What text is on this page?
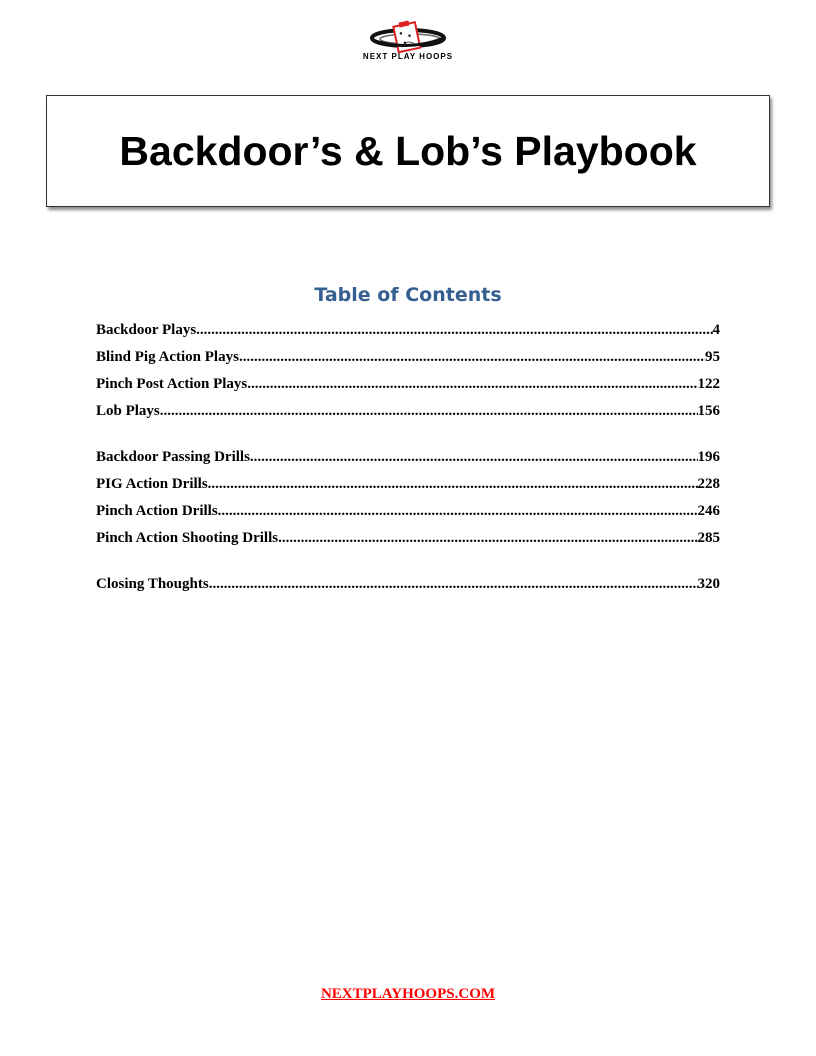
NEXT PLAY HOOPS
Backdoor’s & Lob’s Playbook
Table of Contents
Backdoor Plays .....	4
Blind Pig Action Plays .....	95
Pinch Post Action Plays .....	122
Lob Plays .....	156
Backdoor Passing Drills .....	196
PIG Action Drills .....	228
Pinch Action Drills .....	246
Pinch Action Shooting Drills .....	285
Closing Thoughts .....	320
NEXTPLAYHOOPS.COM
